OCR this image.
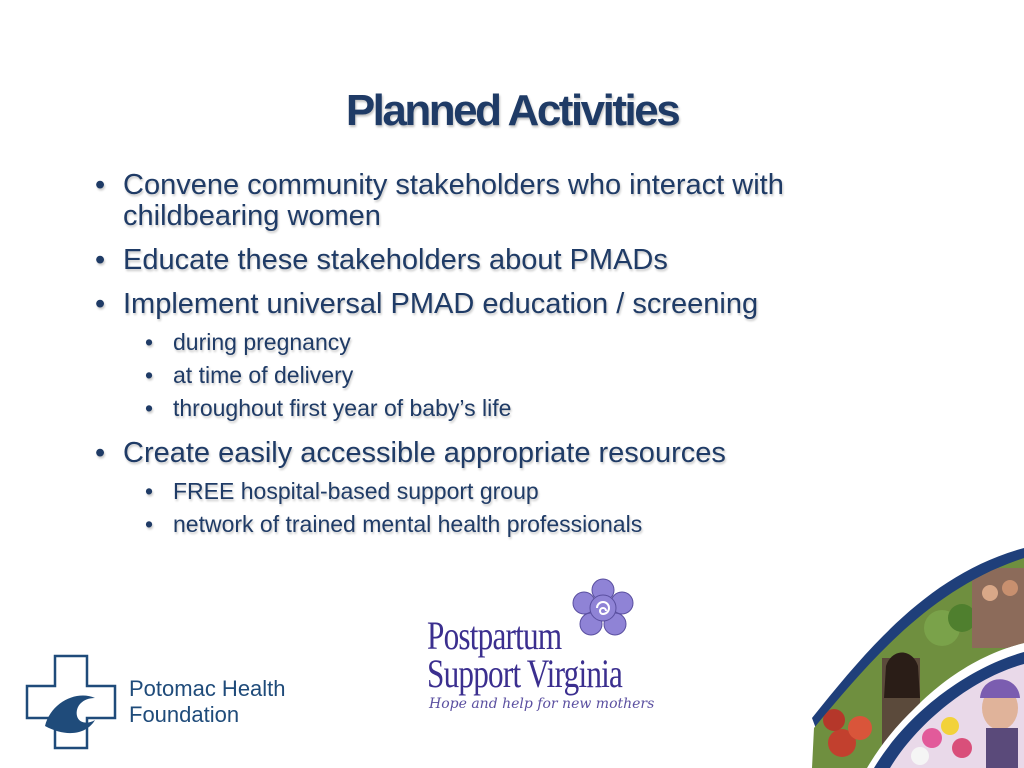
Planned Activities
• Convene community stakeholders who interact with childbearing women
• Educate these stakeholders about PMADs
• Implement universal PMAD education / screening
• during pregnancy
• at time of delivery
• throughout first year of baby’s life
• Create easily accessible appropriate resources
• FREE hospital-based support group
• network of trained mental health professionals
Potomac Health
Foundation
Postpartum
Support Virginia
Hope and help for new mothers
